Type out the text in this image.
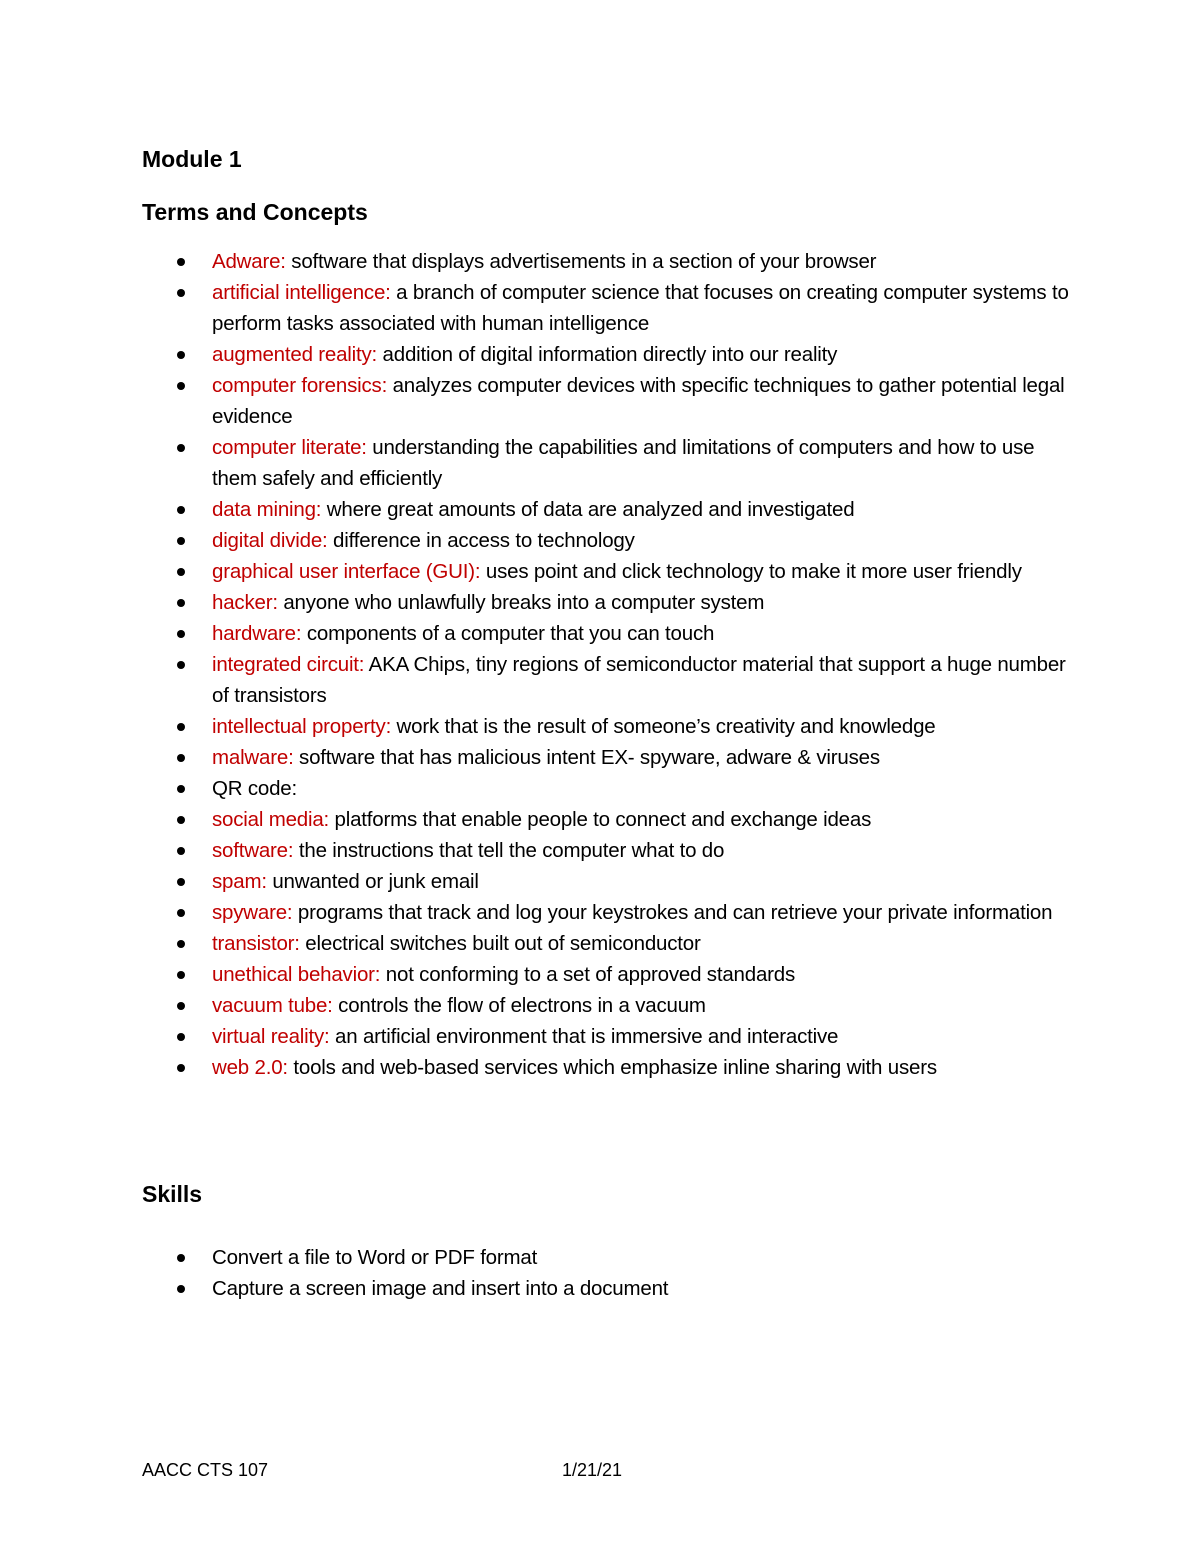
Module 1
Terms and Concepts
Adware: software that displays advertisements in a section of your browser
artificial intelligence: a branch of computer science that focuses on creating computer systems to perform tasks associated with human intelligence
augmented reality: addition of digital information directly into our reality
computer forensics: analyzes computer devices with specific techniques to gather potential legal evidence
computer literate: understanding the capabilities and limitations of computers and how to use them safely and efficiently
data mining: where great amounts of data are analyzed and investigated
digital divide: difference in access to technology
graphical user interface (GUI): uses point and click technology to make it more user friendly
hacker: anyone who unlawfully breaks into a computer system
hardware: components of a computer that you can touch
integrated circuit: AKA Chips, tiny regions of semiconductor material that support a huge number of transistors
intellectual property: work that is the result of someone’s creativity and knowledge
malware: software that has malicious intent EX- spyware, adware & viruses
QR code:
social media: platforms that enable people to connect and exchange ideas
software: the instructions that tell the computer what to do
spam: unwanted or junk email
spyware: programs that track and log your keystrokes and can retrieve your private information
transistor: electrical switches built out of semiconductor
unethical behavior: not conforming to a set of approved standards
vacuum tube: controls the flow of electrons in a vacuum
virtual reality: an artificial environment that is immersive and interactive
web 2.0: tools and web-based services which emphasize inline sharing with users
Skills
Convert a file to Word or PDF format
Capture a screen image and insert into a document

AACC CTS 107	1/21/21
